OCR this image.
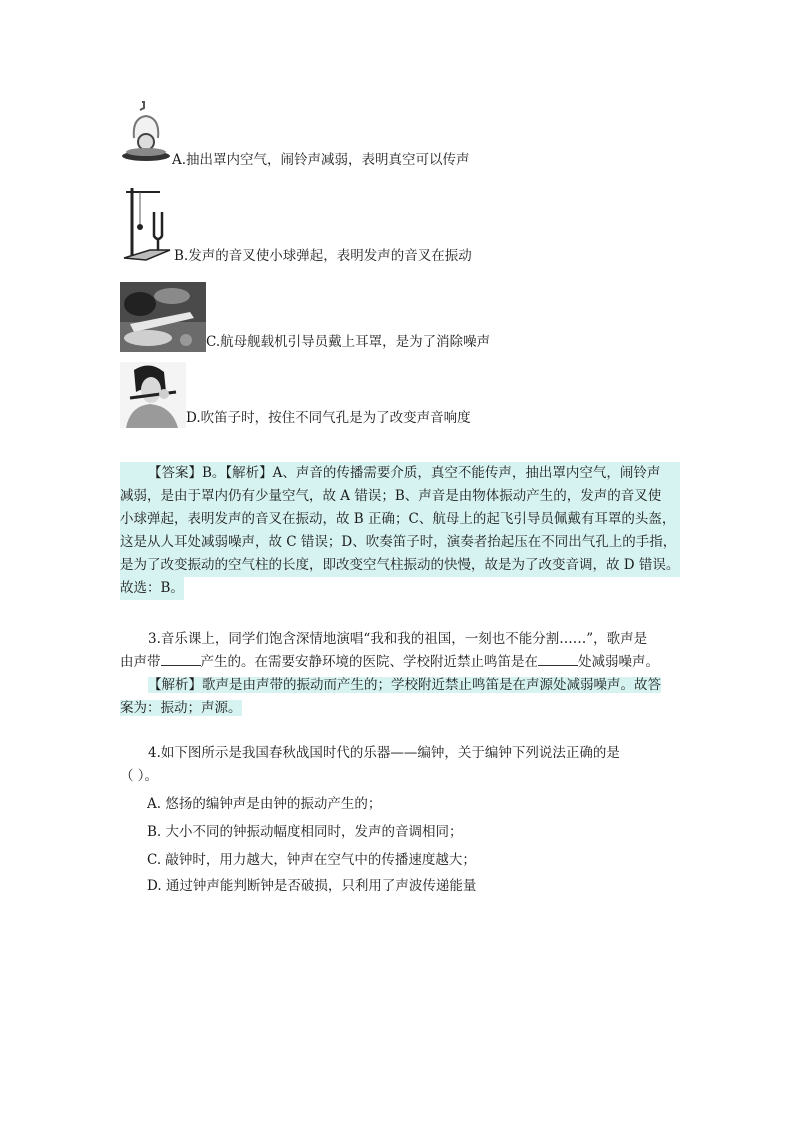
A.抽出罩内空气，闹铃声减弱，表明真空可以传声
B.发声的音叉使小球弹起，表明发声的音叉在振动
C.航母舰载机引导员戴上耳罩，是为了消除噪声
D.吹笛子时，按住不同气孔是为了改变声音响度
【答案】B。【解析】A、声音的传播需要介质，真空不能传声，抽出罩内空气，闹铃声
减弱，是由于罩内仍有少量空气，故 A 错误；B、声音是由物体振动产生的，发声的音叉使
小球弹起，表明发声的音叉在振动，故 B 正确；C、航母上的起飞引导员佩戴有耳罩的头盔，
这是从人耳处减弱噪声，故 C 错误；D、吹奏笛子时，演奏者抬起压在不同出气孔上的手指，
是为了改变振动的空气柱的长度，即改变空气柱振动的快慢，故是为了改变音调，故 D 错误。
故选：B。
3.音乐课上，同学们饱含深情地演唱“我和我的祖国，一刻也不能分割……”，歌声是
由声带	产生的。在需要安静环境的医院、学校附近禁止鸣笛是在	处减弱噪声。
【解析】歌声是由声带的振动而产生的；学校附近禁止鸣笛是在声源处减弱噪声。故答
案为：振动；声源。
4.如下图所示是我国春秋战国时代的乐器——编钟，关于编钟下列说法正确的是
（ ）。
A. 悠扬的编钟声是由钟的振动产生的；
B. 大小不同的钟振动幅度相同时，发声的音调相同；
C. 敲钟时，用力越大，钟声在空气中的传播速度越大；
D. 通过钟声能判断钟是否破损，只利用了声波传递能量
